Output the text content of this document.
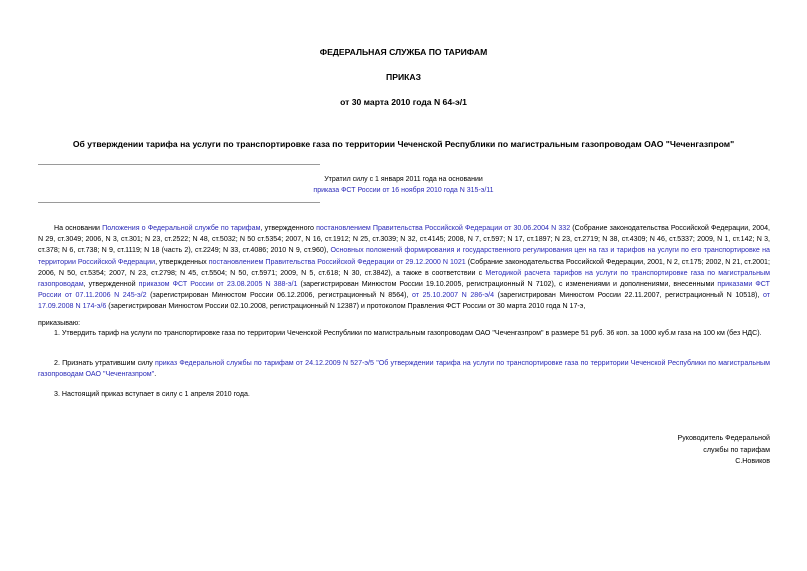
ФЕДЕРАЛЬНАЯ СЛУЖБА ПО ТАРИФАМ
ПРИКАЗ
от 30 марта 2010 года N 64-э/1
Об утверждении тарифа на услуги по транспортировке газа по территории Чеченской Республики по магистральным газопроводам ОАО "Чеченгазпром"
Утратил силу с 1 января 2011 года на основании
приказа ФСТ России от 16 ноября 2010 года N 315-э/11
На основании Положения о Федеральной службе по тарифам, утвержденного постановлением Правительства Российской Федерации от 30.06.2004 N 332 (Собрание законодательства Российской Федерации, 2004, N 29, ст.3049; 2006, N 3, ст.301; N 23, ст.2522; N 48, ст.5032; N 50 ст.5354; 2007, N 16, ст.1912; N 25, ст.3039; N 32, ст.4145; 2008, N 7, ст.597; N 17, ст.1897; N 23, ст.2719; N 38, ст.4309; N 46, ст.5337; 2009, N 1, ст.142; N 3, ст.378; N 6, ст.738; N 9, ст.1119; N 18 (часть 2), ст.2249; N 33, ст.4086; 2010 N 9, ст.960), Основных положений формирования и государственного регулирования цен на газ и тарифов на услуги по его транспортировке на территории Российской Федерации, утвержденных постановлением Правительства Российской Федерации от 29.12.2000 N 1021 (Собрание законодательства Российской Федерации, 2001, N 2, ст.175; 2002, N 21, ст.2001; 2006, N 50, ст.5354; 2007, N 23, ст.2798; N 45, ст.5504; N 50, ст.5971; 2009, N 5, ст.618; N 30, ст.3842), а также в соответствии с Методикой расчета тарифов на услуги по транспортировке газа по магистральным газопроводам, утвержденной приказом ФСТ России от 23.08.2005 N 388-э/1 (зарегистрирован Минюстом России 19.10.2005, регистрационный N 7102), с изменениями и дополнениями, внесенными приказами ФСТ России от 07.11.2006 N 245-э/2 (зарегистрирован Минюстом России 06.12.2006, регистрационный N 8564), от 25.10.2007 N 286-э/4 (зарегистрирован Минюстом России 22.11.2007, регистрационный N 10518), от 17.09.2008 N 174-э/6 (зарегистрирован Минюстом России 02.10.2008, регистрационный N 12387) и протоколом Правления ФСТ России от 30 марта 2010 года N 17-э,
приказываю:
1. Утвердить тариф на услуги по транспортировке газа по территории Чеченской Республики по магистральным газопроводам ОАО "Чеченгазпром" в размере 51 руб. 36 коп. за 1000 куб.м газа на 100 км (без НДС).
2. Признать утратившим силу приказ Федеральной службы по тарифам от 24.12.2009 N 527-э/5 "Об утверждении тарифа на услуги по транспортировке газа по территории Чеченской Республики по магистральным газопроводам ОАО "Чеченгазпром".
3. Настоящий приказ вступает в силу с 1 апреля 2010 года.
Руководитель Федеральной
службы по тарифам
С.Новиков
